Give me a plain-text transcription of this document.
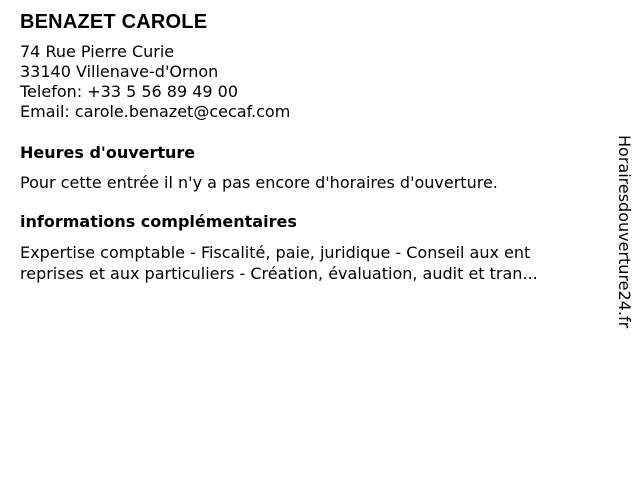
BENAZET CAROLE
74 Rue Pierre Curie
33140 Villenave-d'Ornon
Telefon: +33 5 56 89 49 00
Email: carole.benazet@cecaf.com
Heures d'ouverture
Pour cette entrée il n'y a pas encore d'horaires d'ouverture.
informations complémentaires
Expertise comptable - Fiscalité, paie, juridique - Conseil aux ent
reprises et aux particuliers - Création, évaluation, audit et tran...	Horairesdouverture24.fr
